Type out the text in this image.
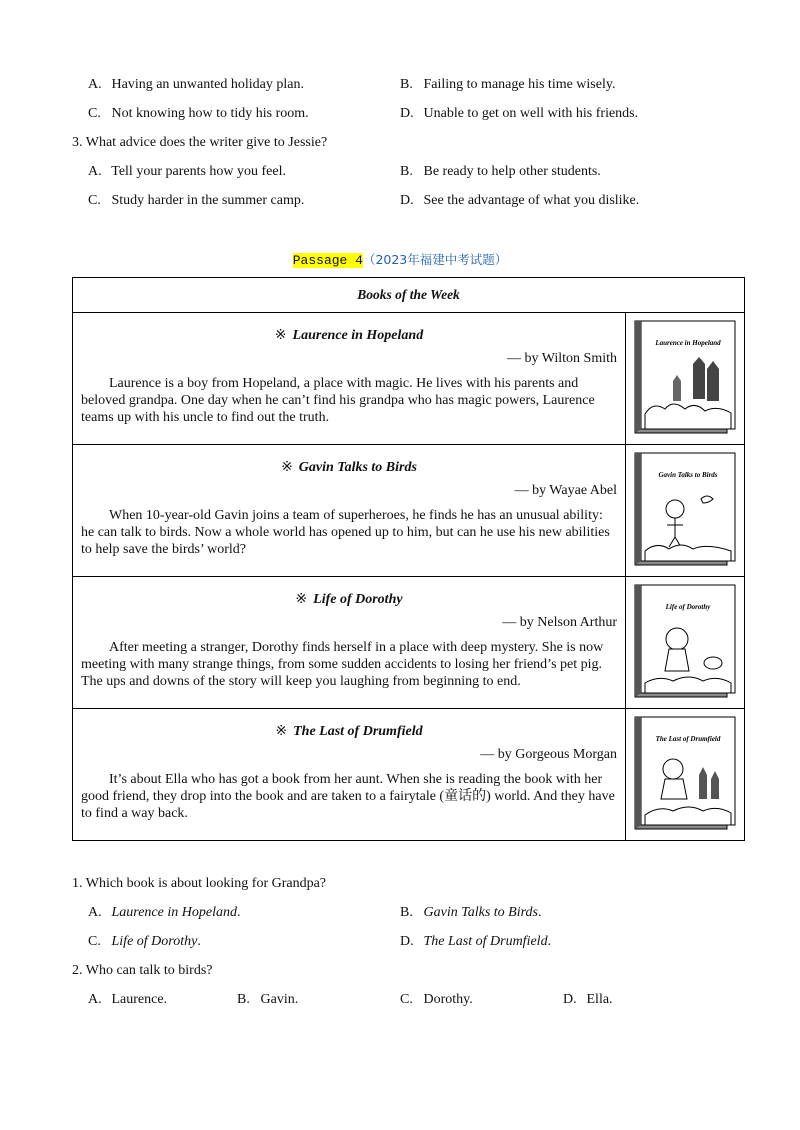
A. Having an unwanted holiday plan.	B. Failing to manage his time wisely.
C. Not knowing how to tidy his room.	D. Unable to get on well with his friends.
3. What advice does the writer give to Jessie?
A. Tell your parents how you feel.	B. Be ready to help other students.
C. Study harder in the summer camp.	D. See the advantage of what you dislike.
Passage 4（2023年福建中考试题）
Books of the Week	

※ Laurence in Hopeland
— by Wilton Smith
Laurence is a boy from Hopeland, a place with magic. He lives with his parents and beloved grandpa. One day when he can’t find his grandpa who has magic powers, Laurence teams up with his uncle to find out the truth.	Laurence in Hopeland

※ Gavin Talks to Birds
— by Wayae Abel
When 10-year-old Gavin joins a team of superheroes, he finds he has an unusual ability: he can talk to birds. Now a whole world has opened up to him, but can he use his new abilities to help save the birds’ world?	Gavin Talks to Birds

※ Life of Dorothy
— by Nelson Arthur
After meeting a stranger, Dorothy finds herself in a place with deep mystery. She is now meeting with many strange things, from some sudden accidents to losing her friend’s pet pig. The ups and downs of the story will keep you laughing from beginning to end.	Life of Dorothy

※ The Last of Drumfield
— by Gorgeous Morgan
It’s about Ella who has got a book from her aunt. When she is reading the book with her good friend, they drop into the book and are taken to a fairytale (童话的) world. And they have to find a way back.	The Last of Drumfield
1. Which book is about looking for Grandpa?
A. Laurence in Hopeland.	B. Gavin Talks to Birds.
C. Life of Dorothy.	D. The Last of Drumfield.
2. Who can talk to birds?
A. Laurence.	B. Gavin.	C. Dorothy.	D. Ella.
